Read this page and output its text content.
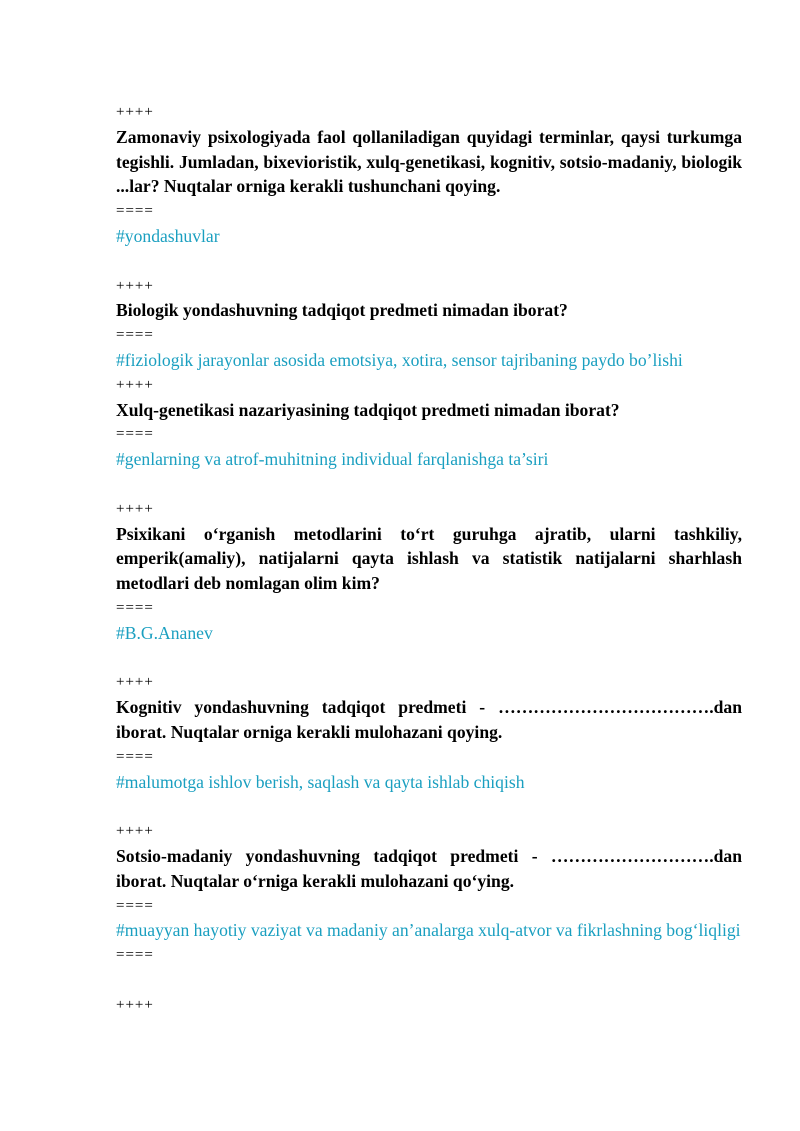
++++
Zamonaviy psixologiyada faol qollaniladigan quyidagi terminlar, qaysi turkumga tegishli. Jumladan, bixevioristik, xulq-genetikasi, kognitiv, sotsio-madaniy, biologik ...lar? Nuqtalar orniga kerakli tushunchani qoying.
====
#yondashuvlar
++++
Biologik yondashuvning tadqiqot predmeti nimadan iborat?
====
#fiziologik jarayonlar asosida emotsiya, xotira, sensor tajribaning paydo bo’lishi
++++
Xulq-genetikasi nazariyasining tadqiqot predmeti nimadan iborat?
====
#genlarning va atrof-muhitning individual farqlanishga ta’siri
++++
Psixikani o‘rganish metodlarini to‘rt guruhga ajratib, ularni tashkiliy, emperik(amaliy), natijalarni qayta ishlash va statistik natijalarni sharhlash metodlari deb nomlagan olim kim?
====
#B.G.Ananev
++++
Kognitiv yondashuvning tadqiqot predmeti - ……………………………….dan iborat. Nuqtalar orniga kerakli mulohazani qoying.
====
#malumotga ishlov berish, saqlash va qayta ishlab chiqish
++++
Sotsio-madaniy yondashuvning tadqiqot predmeti - ……………………….dan iborat. Nuqtalar o‘rniga kerakli mulohazani qo‘ying.
====
#muayyan hayotiy vaziyat va madaniy an’analarga xulq-atvor va fikrlashning bog‘liqligi
====
++++
